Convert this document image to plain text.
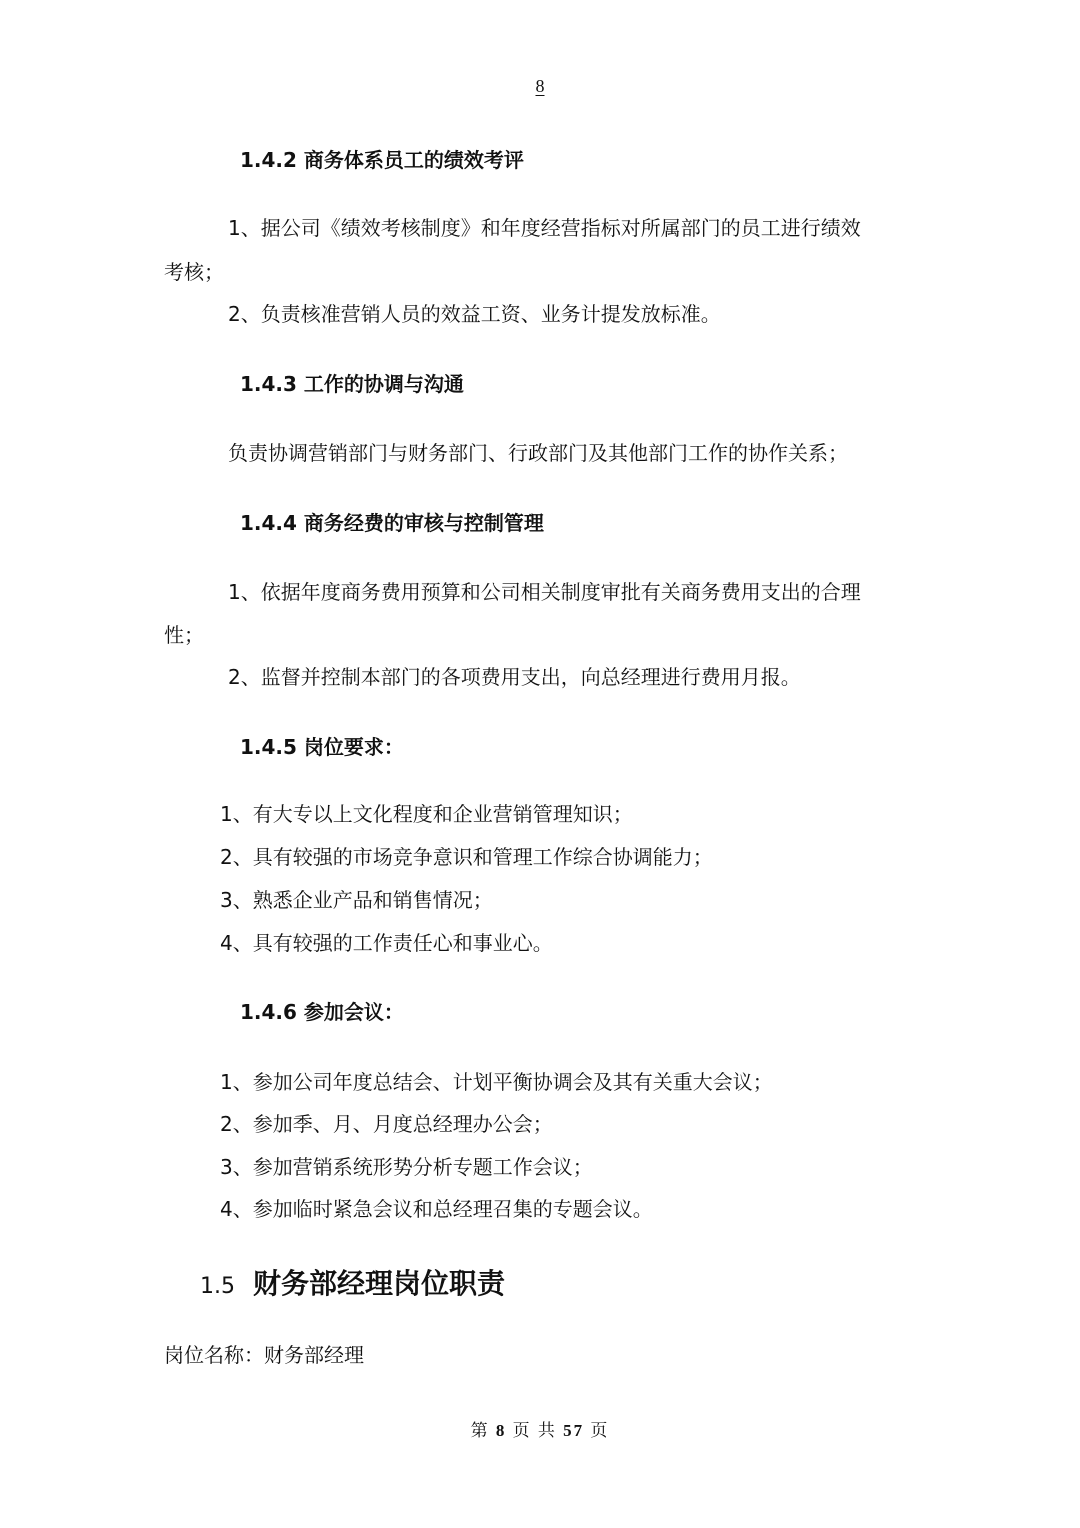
8
1.4.2 商务体系员工的绩效考评
1、据公司《绩效考核制度》和年度经营指标对所属部门的员工进行绩效
考核；
2、负责核准营销人员的效益工资、业务计提发放标准。
1.4.3 工作的协调与沟通
负责协调营销部门与财务部门、行政部门及其他部门工作的协作关系；
1.4.4 商务经费的审核与控制管理
1、依据年度商务费用预算和公司相关制度审批有关商务费用支出的合理
性；
2、监督并控制本部门的各项费用支出，向总经理进行费用月报。
1.4.5 岗位要求：
1、有大专以上文化程度和企业营销管理知识；
2、具有较强的市场竞争意识和管理工作综合协调能力；
3、熟悉企业产品和销售情况；
4、具有较强的工作责任心和事业心。
1.4.6 参加会议：
1、参加公司年度总结会、计划平衡协调会及其有关重大会议；
2、参加季、月、月度总经理办公会；
3、参加营销系统形势分析专题工作会议；
4、参加临时紧急会议和总经理召集的专题会议。
1.5 财务部经理岗位职责
岗位名称：财务部经理
第 8 页 共 57 页
